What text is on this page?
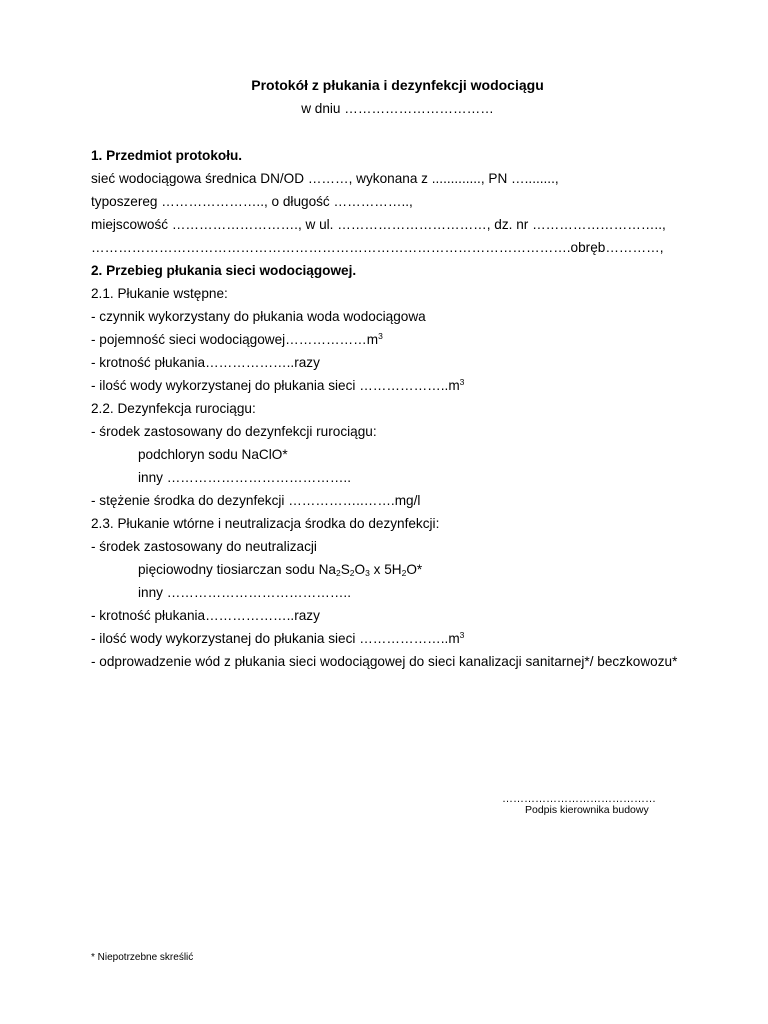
Protokół z płukania i dezynfekcji wodociągu
w dniu ……………………………
1. Przedmiot protokołu.
sieć wodociągowa średnica DN/OD ………, wykonana z ............., PN …........,
typoszereg ………………….., o długość ……………..,
miejscowość ………………………., w ul. ……………………………, dz. nr ………………………..,
…………………………………………………………………………………………….obręb…………,
2. Przebieg płukania sieci wodociągowej.
2.1. Płukanie wstępne:
- czynnik wykorzystany do płukania woda wodociągowa
- pojemność sieci $wodociągowej\dots\dots\dots\dots\dots\dots m^3$
- krotność płukania………………..razy
- ilość wody wykorzystanej do płukania sieci $\dots\dots\dots\dots\dots\dots..m^3$
2.2. Dezynfekcja rurociągu:
- środek zastosowany do dezynfekcji rurociągu:
podchloryn sodu NaClO*
inny …………………………………..
- stężenie środka do dezynfekcji ……………..…….mg/l
2.3. Płukanie wtórne i neutralizacja środka do dezynfekcji:
- środek zastosowany do neutralizacji
pięciowodny tiosiarczan sodu $Na_2S_2O_3$ x $5H_2O*$
inny …………………………………..
- krotność płukania………………..razy
- ilość wody wykorzystanej do płukania sieci $\dots\dots\dots\dots\dots\dots..m^3$
- odprowadzenie wód z płukania sieci wodociągowej do sieci kanalizacji sanitarnej*/ beczkowozu*
……………………………………
Podpis kierownika budowy
* Niepotrzebne skreślić
